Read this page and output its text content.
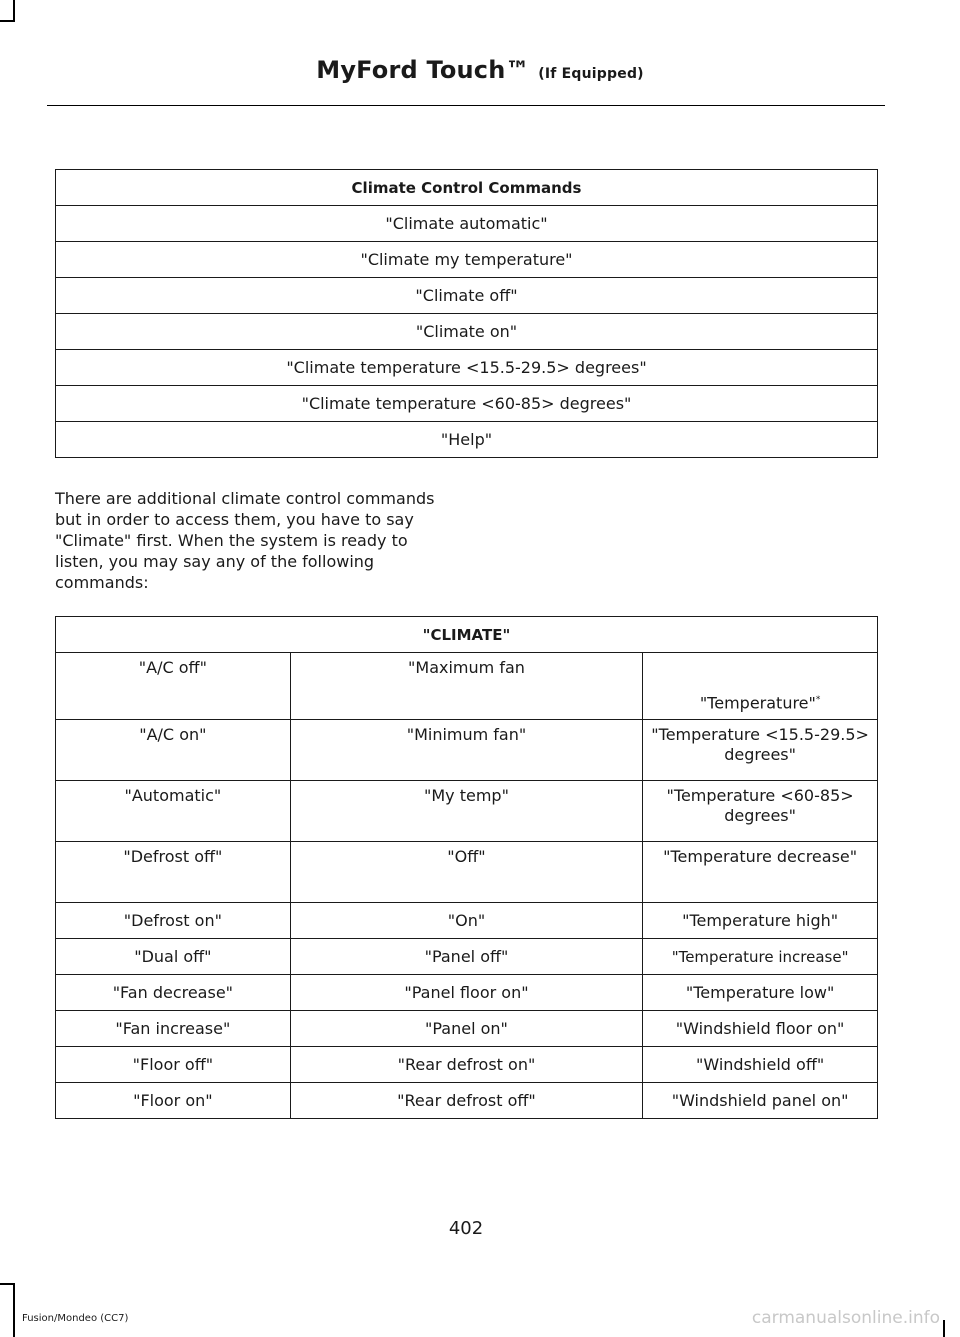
MyFord Touch™ (If Equipped)
Climate Control Commands
"Climate automatic"
"Climate my temperature"
"Climate off"
"Climate on"
"Climate temperature <15.5-29.5> degrees"
"Climate temperature <60-85> degrees"
"Help"

There are additional climate control commands but in order to access them, you have to say "Climate" first. When the system is ready to listen, you may say any of the following commands:

"CLIMATE"		
"A/C off"	"Maximum fan	"Temperature"*
"A/C on"	"Minimum fan"	"Temperature <15.5-29.5> degrees"
"Automatic"	"My temp"	"Temperature <60-85> degrees"
"Defrost off"	"Off"	"Temperature decrease"
"Defrost on"	"On"	"Temperature high"
"Dual off"	"Panel off"	"Temperature increase"
"Fan decrease"	"Panel floor on"	"Temperature low"
"Fan increase"	"Panel on"	"Windshield floor on"
"Floor off"	"Rear defrost on"	"Windshield off"
"Floor on"	"Rear defrost off"	"Windshield panel on"
402
Fusion/Mondeo (CC7)	carmanualsonline.info
